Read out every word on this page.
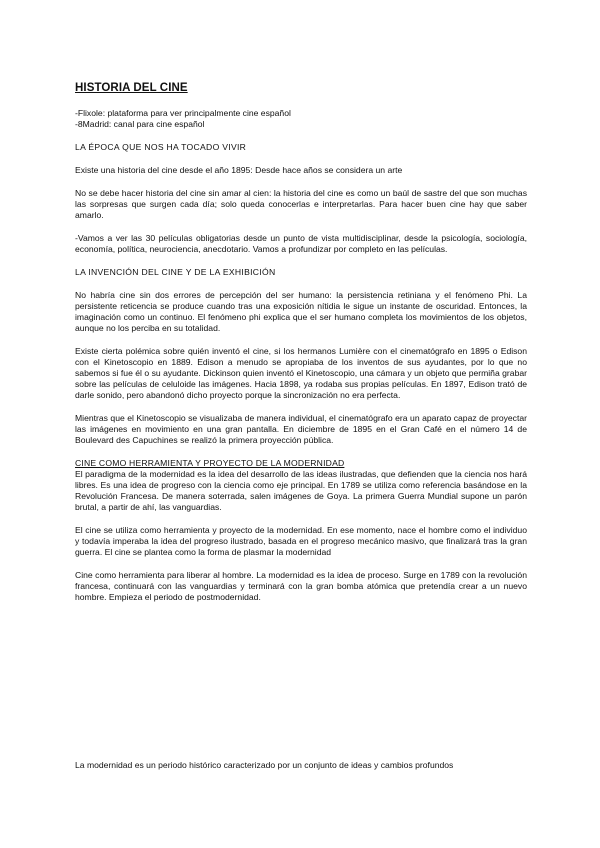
HISTORIA DEL CINE
-Flixole: plataforma para ver principalmente cine español
-8Madrid: canal para cine español
LA ÉPOCA QUE NOS HA TOCADO VIVIR

Existe una historia del cine desde el año 1895: Desde hace años se considera un arte

No se debe hacer historia del cine sin amar al cien: la historia del cine es como un baúl de sastre del que son muchas las sorpresas que surgen cada día; solo queda conocerlas e interpretarlas. Para hacer buen cine hay que saber amarlo.

-Vamos a ver las 30 películas obligatorias desde un punto de vista multidisciplinar, desde la psicología, sociología, economía, política, neurociencia, anecdotario. Vamos a profundizar por completo en las películas.

LA INVENCIÓN DEL CINE Y DE LA EXHIBICIÓN

No habría cine sin dos errores de percepción del ser humano: la persistencia retiniana y el fenómeno Phi. La persistente reticencia se produce cuando tras una exposición nítidia le sigue un instante de oscuridad. Entonces, la imaginación como un continuo. El fenómeno phi explica que el ser humano completa los movimientos de los objetos, aunque no los perciba en su totalidad.

Existe cierta polémica sobre quién inventó el cine, si los hermanos Lumière con el cinematógrafo en 1895 o Edison con el Kinetoscopio en 1889. Edison a menudo se apropiaba de los inventos de sus ayudantes, por lo que no sabemos si fue él o su ayudante. Dickinson quien inventó el Kinetoscopio, una cámara y un objeto que permiña grabar sobre las películas de celuloide las imágenes. Hacia 1898, ya rodaba sus propias películas. En 1897, Edison trató de darle sonido, pero abandonó dicho proyecto porque la sincronización no era perfecta.

Mientras que el Kinetoscopio se visualizaba de manera individual, el cinematógrafo era un aparato capaz de proyectar las imágenes en movimiento en una gran pantalla. En diciembre de 1895 en el Gran Café en el número 14 de Boulevard des Capuchines se realizó la primera proyección pública.

CINE COMO HERRAMIENTA Y PROYECTO DE LA MODERNIDAD

El paradigma de la modernidad es la idea del desarrollo de las ideas ilustradas, que defienden que la ciencia nos hará libres. Es una idea de progreso con la ciencia como eje principal. En 1789 se utiliza como referencia basándose en la Revolución Francesa. De manera soterrada, salen imágenes de Goya. La primera Guerra Mundial supone un parón brutal, a partir de ahí, las vanguardias.

El cine se utiliza como herramienta y proyecto de la modernidad. En ese momento, nace el hombre como el individuo y todavía imperaba la idea del progreso ilustrado, basada en el progreso mecánico masivo, que finalizará tras la gran guerra. El cine se plantea como la forma de plasmar la modernidad

Cine como herramienta para liberar al hombre. La modernidad es la idea de proceso. Surge en 1789 con la revolución francesa, continuará con las vanguardias y terminará con la gran bomba atómica que pretendía crear a un nuevo hombre. Empieza el periodo de postmodernidad.

La modernidad es un periodo histórico caracterizado por un conjunto de ideas y cambios profundos
